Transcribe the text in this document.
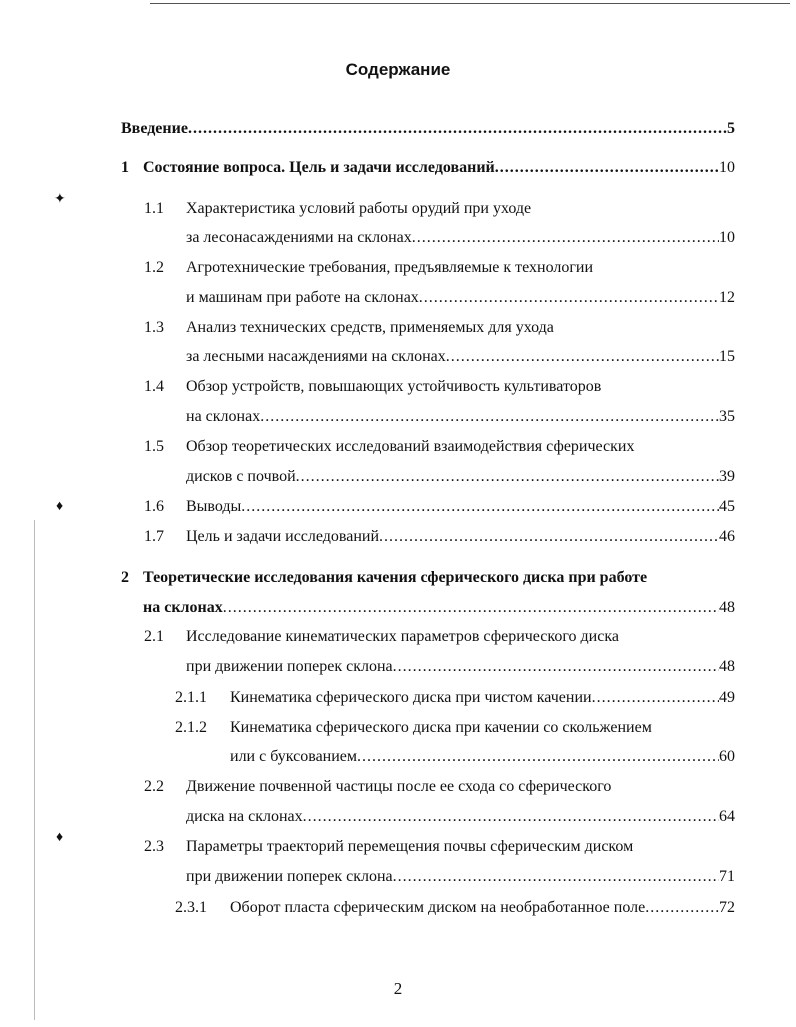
✦
♦
♦
Содержание
Введение .....	5
1 Состояние вопроса. Цель и задачи исследований .....	10
1.1	Характеристика условий работы орудий при уходе
за лесонасаждениями на склонах .....	10
1.2	Агротехнические требования, предъявляемые к технологии
и машинам при работе на склонах .....	12
1.3	Анализ технических средств, применяемых для ухода
за лесными насаждениями на склонах .....	15
1.4	Обзор устройств, повышающих устойчивость культиваторов
на склонах .....	35
1.5	Обзор теоретических исследований взаимодействия сферических
дисков с почвой .....	39
1.6	Выводы .....	45
1.7	Цель и задачи исследований .....	46
2 Теоретические исследования качения сферического диска при работе
на склонах .....	48
2.1	Исследование кинематических параметров сферического диска
при движении поперек склона .....	48
2.1.1	Кинематика сферического диска при чистом качении .....	49
2.1.2	Кинематика сферического диска при качении со скольжением
или с буксованием .....	60
2.2	Движение почвенной частицы после ее схода со сферического
диска на склонах .....	64
2.3	Параметры траекторий перемещения почвы сферическим диском
при движении поперек склона .....	71
2.3.1	Оборот пласта сферическим диском на необработанное поле .....	72
2
